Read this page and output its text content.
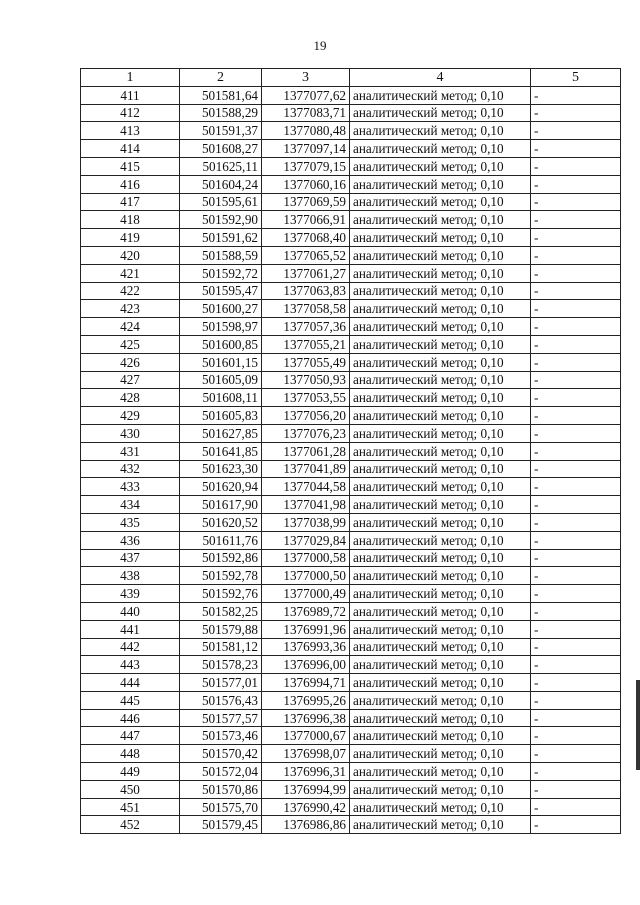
19
1	2	3	4	5
411	501581,64	1377077,62	аналитический метод; 0,10	-
412	501588,29	1377083,71	аналитический метод; 0,10	-
413	501591,37	1377080,48	аналитический метод; 0,10	-
414	501608,27	1377097,14	аналитический метод; 0,10	-
415	501625,11	1377079,15	аналитический метод; 0,10	-
416	501604,24	1377060,16	аналитический метод; 0,10	-
417	501595,61	1377069,59	аналитический метод; 0,10	-
418	501592,90	1377066,91	аналитический метод; 0,10	-
419	501591,62	1377068,40	аналитический метод; 0,10	-
420	501588,59	1377065,52	аналитический метод; 0,10	-
421	501592,72	1377061,27	аналитический метод; 0,10	-
422	501595,47	1377063,83	аналитический метод; 0,10	-
423	501600,27	1377058,58	аналитический метод; 0,10	-
424	501598,97	1377057,36	аналитический метод; 0,10	-
425	501600,85	1377055,21	аналитический метод; 0,10	-
426	501601,15	1377055,49	аналитический метод; 0,10	-
427	501605,09	1377050,93	аналитический метод; 0,10	-
428	501608,11	1377053,55	аналитический метод; 0,10	-
429	501605,83	1377056,20	аналитический метод; 0,10	-
430	501627,85	1377076,23	аналитический метод; 0,10	-
431	501641,85	1377061,28	аналитический метод; 0,10	-
432	501623,30	1377041,89	аналитический метод; 0,10	-
433	501620,94	1377044,58	аналитический метод; 0,10	-
434	501617,90	1377041,98	аналитический метод; 0,10	-
435	501620,52	1377038,99	аналитический метод; 0,10	-
436	501611,76	1377029,84	аналитический метод; 0,10	-
437	501592,86	1377000,58	аналитический метод; 0,10	-
438	501592,78	1377000,50	аналитический метод; 0,10	-
439	501592,76	1377000,49	аналитический метод; 0,10	-
440	501582,25	1376989,72	аналитический метод; 0,10	-
441	501579,88	1376991,96	аналитический метод; 0,10	-
442	501581,12	1376993,36	аналитический метод; 0,10	-
443	501578,23	1376996,00	аналитический метод; 0,10	-
444	501577,01	1376994,71	аналитический метод; 0,10	-
445	501576,43	1376995,26	аналитический метод; 0,10	-
446	501577,57	1376996,38	аналитический метод; 0,10	-
447	501573,46	1377000,67	аналитический метод; 0,10	-
448	501570,42	1376998,07	аналитический метод; 0,10	-
449	501572,04	1376996,31	аналитический метод; 0,10	-
450	501570,86	1376994,99	аналитический метод; 0,10	-
451	501575,70	1376990,42	аналитический метод; 0,10	-
452	501579,45	1376986,86	аналитический метод; 0,10	-
